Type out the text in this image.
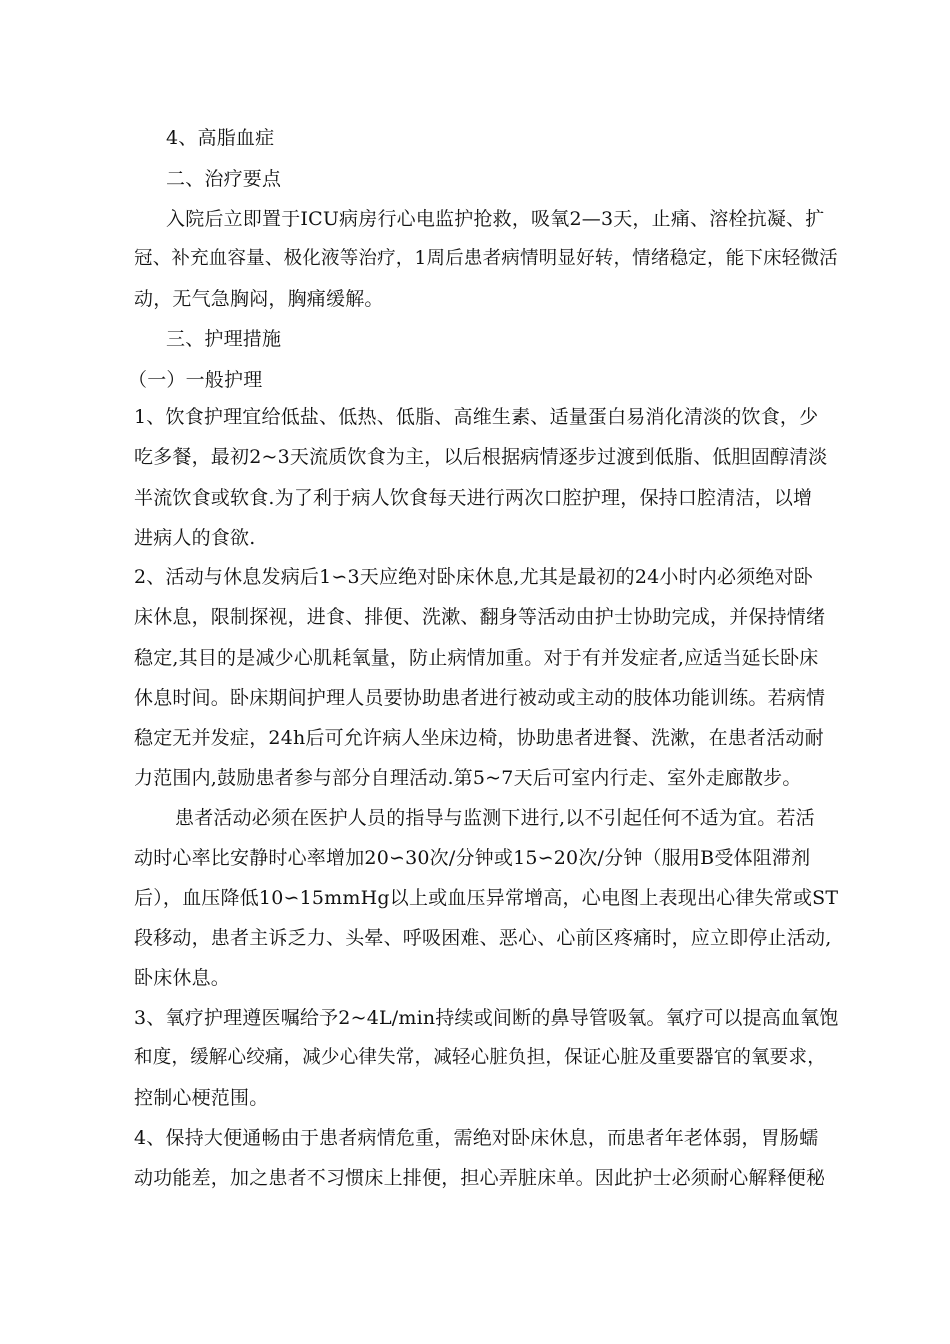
4、高脂血症
二、治疗要点
入院后立即置于ICU病房行心电监护抢救，吸氧2—3天，止痛、溶栓抗凝、扩
冠、补充血容量、极化液等治疗，1周后患者病情明显好转，情绪稳定，能下床轻微活
动，无气急胸闷，胸痛缓解。
三、护理措施
（一）一般护理
1、饮食护理宜给低盐、低热、低脂、高维生素、适量蛋白易消化清淡的饮食，少
吃多餐，最初2~3天流质饮食为主，以后根据病情逐步过渡到低脂、低胆固醇清淡
半流饮食或软食.为了利于病人饮食每天进行两次口腔护理，保持口腔清洁，以增
进病人的食欲.
2、活动与休息发病后1∽3天应绝对卧床休息,尤其是最初的24小时内必须绝对卧
床休息，限制探视，进食、排便、洗漱、翻身等活动由护士协助完成，并保持情绪
稳定,其目的是减少心肌耗氧量，防止病情加重。对于有并发症者,应适当延长卧床
休息时间。卧床期间护理人员要协助患者进行被动或主动的肢体功能训练。若病情
稳定无并发症，24h后可允许病人坐床边椅，协助患者进餐、洗漱，在患者活动耐
力范围内,鼓励患者参与部分自理活动.第5~7天后可室内行走、室外走廊散步。
患者活动必须在医护人员的指导与监测下进行,以不引起任何不适为宜。若活
动时心率比安静时心率增加20∽30次/分钟或15∽20次/分钟（服用B受体阻滞剂
后），血压降低10∽15mmHg以上或血压异常增高，心电图上表现出心律失常或ST
段移动，患者主诉乏力、头晕、呼吸困难、恶心、心前区疼痛时，应立即停止活动,
卧床休息。
3、氧疗护理遵医嘱给予2~4L/min持续或间断的鼻导管吸氧。氧疗可以提高血氧饱
和度，缓解心绞痛，减少心律失常，减轻心脏负担，保证心脏及重要器官的氧要求，
控制心梗范围。
4、保持大便通畅由于患者病情危重，需绝对卧床休息，而患者年老体弱，胃肠蠕
动功能差，加之患者不习惯床上排便，担心弄脏床单。因此护士必须耐心解释便秘
